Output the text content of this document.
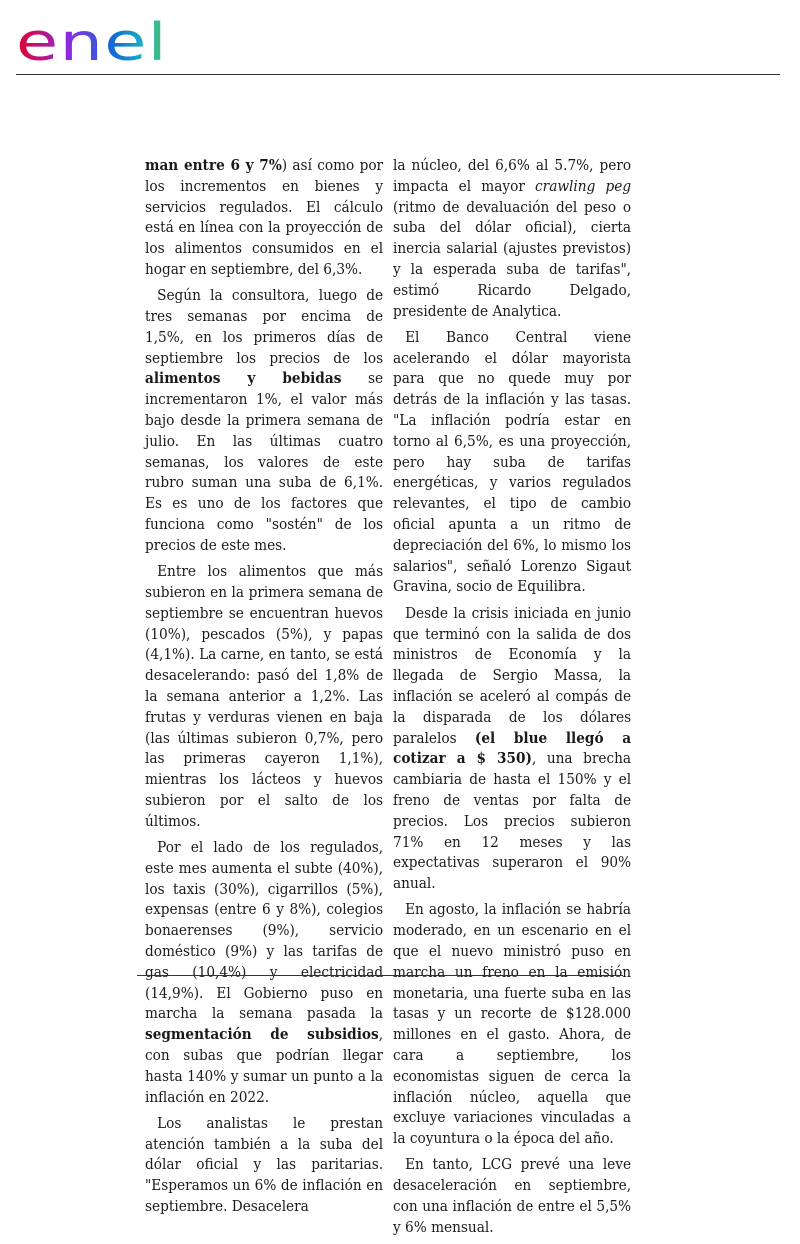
enel

man entre 6 y 7%) así como por los incrementos en bienes y servicios regulados. El cálculo está en línea con la proyección de los alimentos consumidos en el hogar en septiembre, del 6,3%.

Según la consultora, luego de tres semanas por encima de 1,5%, en los primeros días de septiembre los precios de los alimentos y bebidas se incrementaron 1%, el valor más bajo desde la primera semana de julio. En las últimas cuatro semanas, los valores de este rubro suman una suba de 6,1%. Es es uno de los factores que funciona como "sostén" de los precios de este mes.

Entre los alimentos que más subieron en la primera semana de septiembre se encuentran huevos (10%), pescados (5%), y papas (4,1%). La carne, en tanto, se está desacelerando: pasó del 1,8% de la semana anterior a 1,2%. Las frutas y verduras vienen en baja (las últimas subieron 0,7%, pero las primeras cayeron 1,1%), mientras los lácteos y huevos subieron por el salto de los últimos.

Por el lado de los regulados, este mes aumenta el subte (40%), los taxis (30%), cigarrillos (5%), expensas (entre 6 y 8%), colegios bonaerenses (9%), servicio doméstico (9%) y las tarifas de gas (10,4%) y electricidad (14,9%). El Gobierno puso en marcha la semana pasada la segmentación de subsidios, con subas que podrían llegar hasta 140% y sumar un punto a la inflación en 2022.

Los analistas le prestan atención también a la suba del dólar oficial y las paritarias. "Esperamos un 6% de inflación en septiembre. Desacelera

la núcleo, del 6,6% al 5.7%, pero impacta el mayor crawling peg (ritmo de devaluación del peso o suba del dólar oficial), cierta inercia salarial (ajustes previstos) y la esperada suba de tarifas", estimó Ricardo Delgado, presidente de Analytica.

El Banco Central viene acelerando el dólar mayorista para que no quede muy por detrás de la inflación y las tasas. "La inflación podría estar en torno al 6,5%, es una proyección, pero hay suba de tarifas energéticas, y varios regulados relevantes, el tipo de cambio oficial apunta a un ritmo de depreciación del 6%, lo mismo los salarios", señaló Lorenzo Sigaut Gravina, socio de Equilibra.

Desde la crisis iniciada en junio que terminó con la salida de dos ministros de Economía y la llegada de Sergio Massa, la inflación se aceleró al compás de la disparada de los dólares paralelos (el blue llegó a cotizar a $ 350), una brecha cambiaria de hasta el 150% y el freno de ventas por falta de precios. Los precios subieron 71% en 12 meses y las expectativas superaron el 90% anual.

En agosto, la inflación se habría moderado, en un escenario en el que el nuevo ministró puso en marcha un freno en la emisión monetaria, una fuerte suba en las tasas y un recorte de $128.000 millones en el gasto. Ahora, de cara a septiembre, los economistas siguen de cerca la inflación núcleo, aquella que excluye variaciones vinculadas a la coyuntura o la época del año.

En tanto, LCG prevé una leve desaceleración en septiembre, con una inflación de entre el 5,5% y 6% mensual.
